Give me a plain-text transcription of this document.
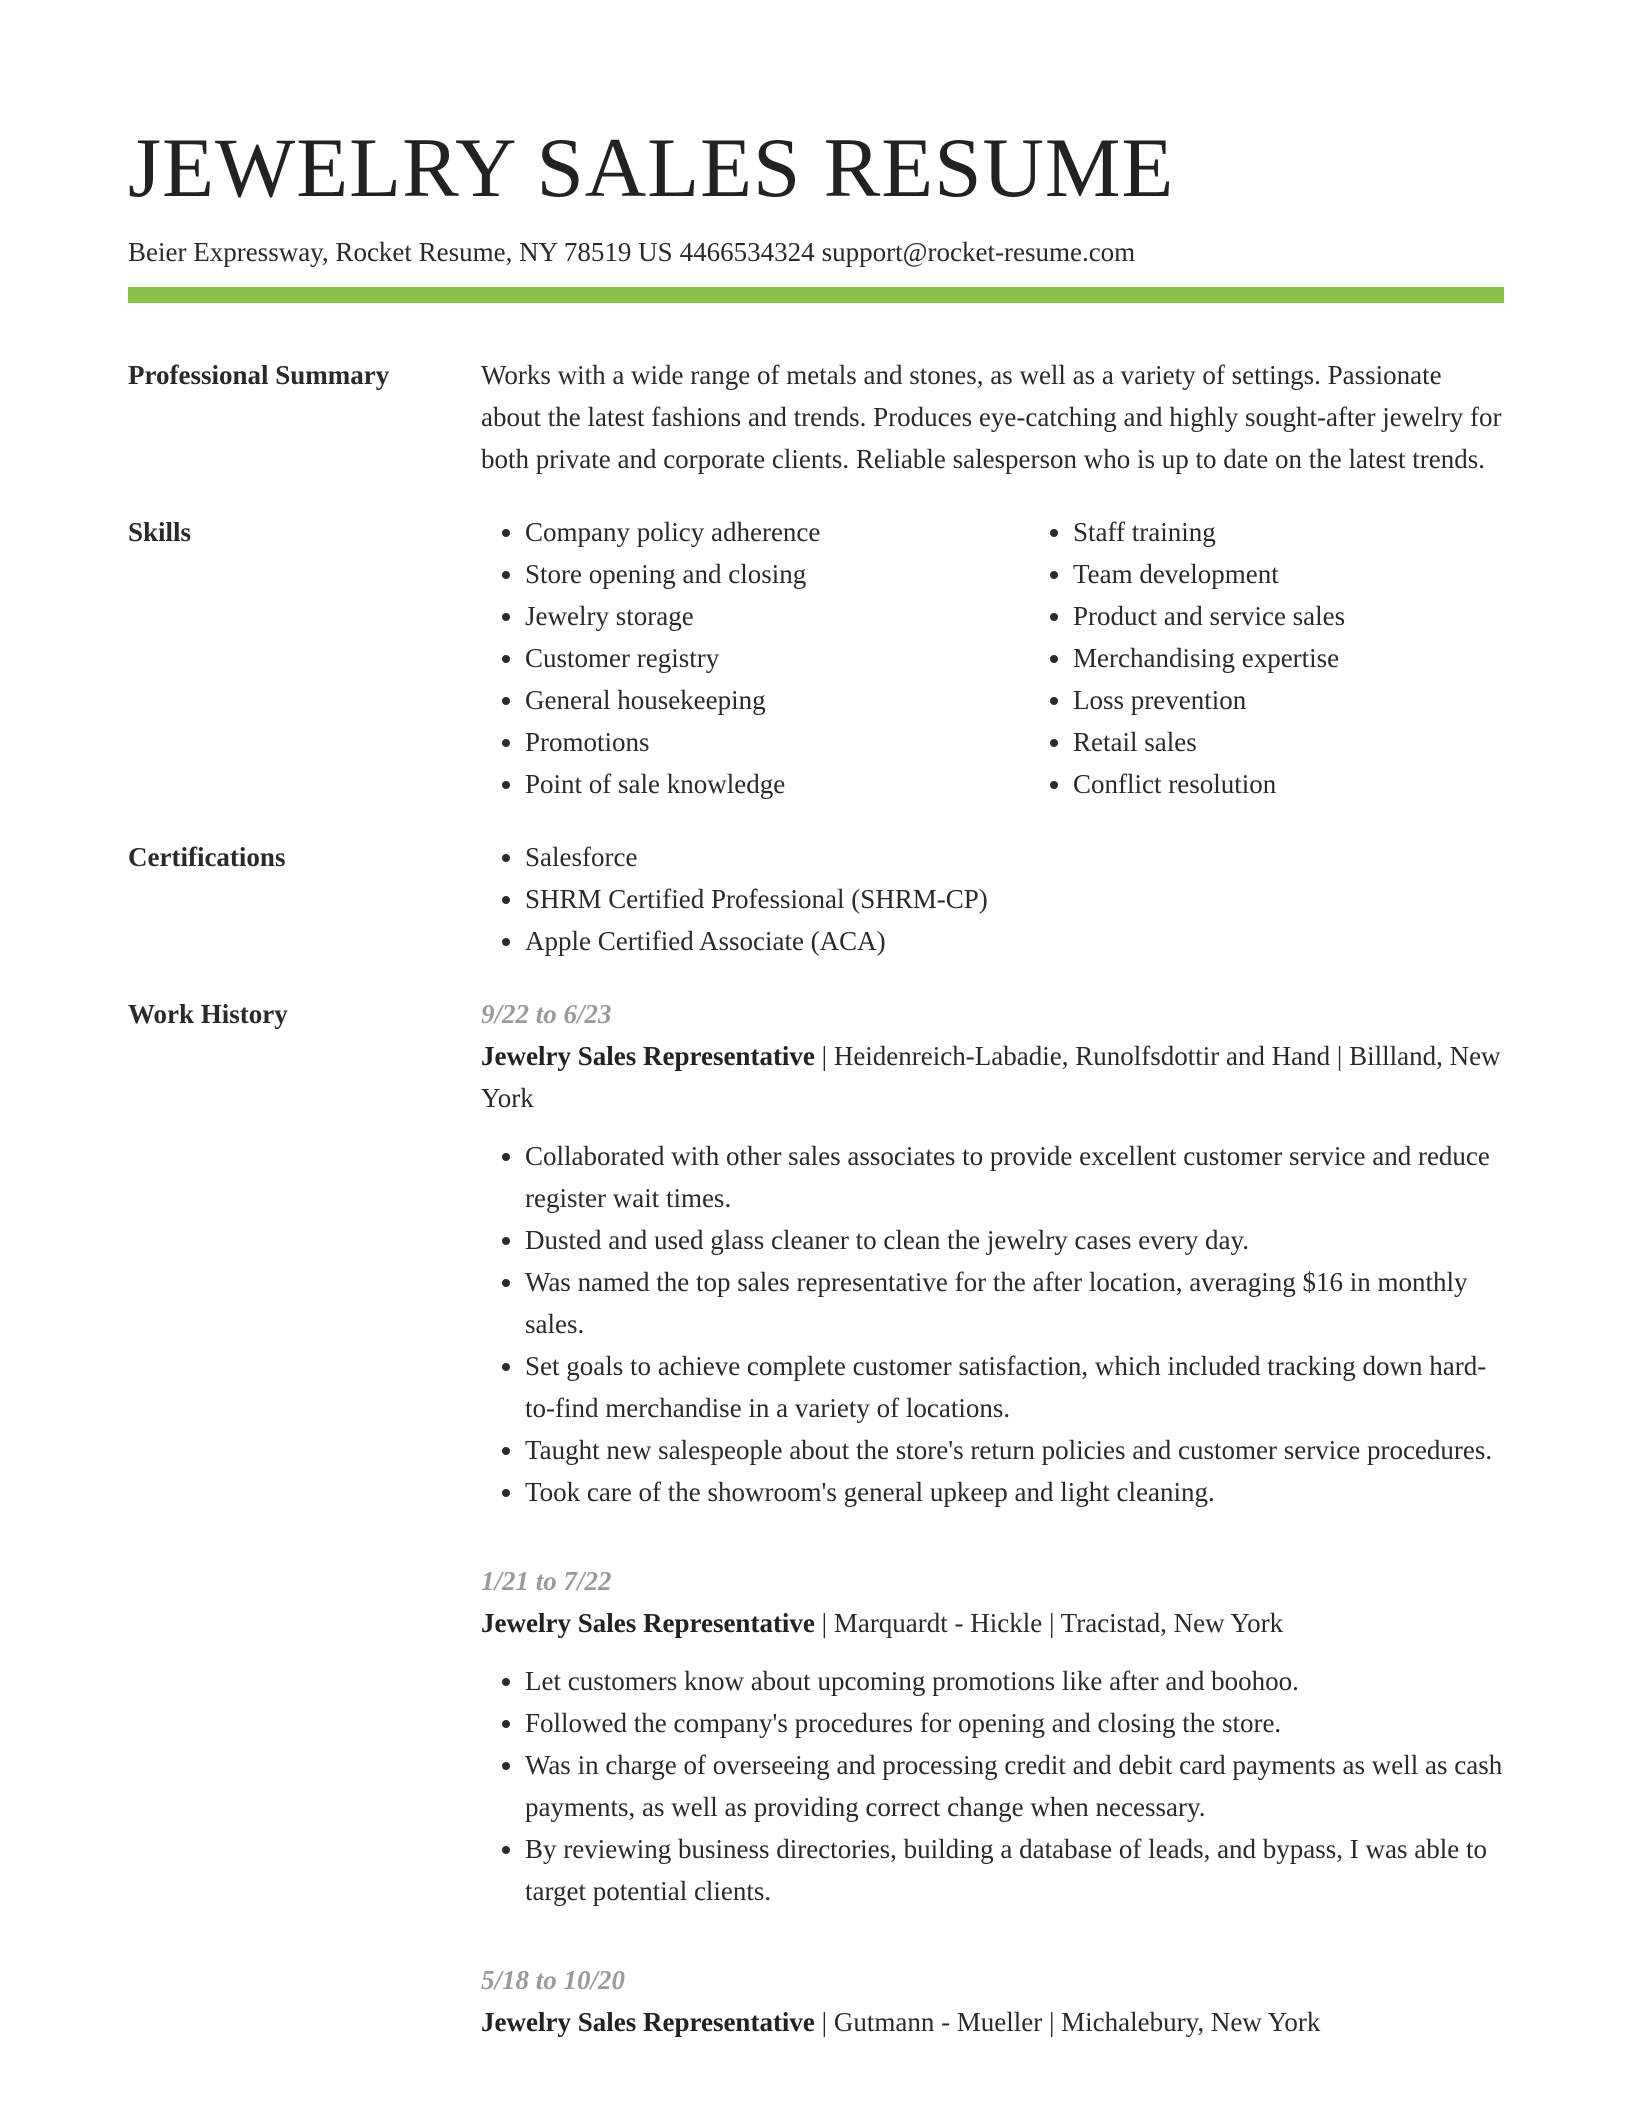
JEWELRY SALES RESUME
Beier Expressway, Rocket Resume, NY 78519 US 4466534324 support@rocket-resume.com
Professional Summary	Works with a wide range of metals and stones, as well as a variety of settings. Passionate about the latest fashions and trends. Produces eye-catching and highly sought-after jewelry for both private and corporate clients. Reliable salesperson who is up to date on the latest trends.

Skills	• Company policy adherence
• Store opening and closing
• Jewelry storage
• Customer registry
• General housekeeping
• Promotions
• Point of sale knowledge
• Staff training
• Team development
• Product and service sales
• Merchandising expertise
• Loss prevention
• Retail sales
• Conflict resolution
Certifications	• Salesforce
• SHRM Certified Professional (SHRM-CP)
• Apple Certified Associate (ACA)
Work History	9/22 to 6/23
Jewelry Sales Representative | Heidenreich-Labadie, Runolfsdottir and Hand | Billland, New York
• Collaborated with other sales associates to provide excellent customer service and reduce register wait times.
• Dusted and used glass cleaner to clean the jewelry cases every day.
• Was named the top sales representative for the after location, averaging $16 in monthly sales.
• Set goals to achieve complete customer satisfaction, which included tracking down hard-to-find merchandise in a variety of locations.
• Taught new salespeople about the store's return policies and customer service procedures.
• Took care of the showroom's general upkeep and light cleaning.
1/21 to 7/22
Jewelry Sales Representative | Marquardt - Hickle | Tracistad, New York
• Let customers know about upcoming promotions like after and boohoo.
• Followed the company's procedures for opening and closing the store.
• Was in charge of overseeing and processing credit and debit card payments as well as cash payments, as well as providing correct change when necessary.
• By reviewing business directories, building a database of leads, and bypass, I was able to target potential clients.
5/18 to 10/20
Jewelry Sales Representative | Gutmann - Mueller | Michalebury, New York
